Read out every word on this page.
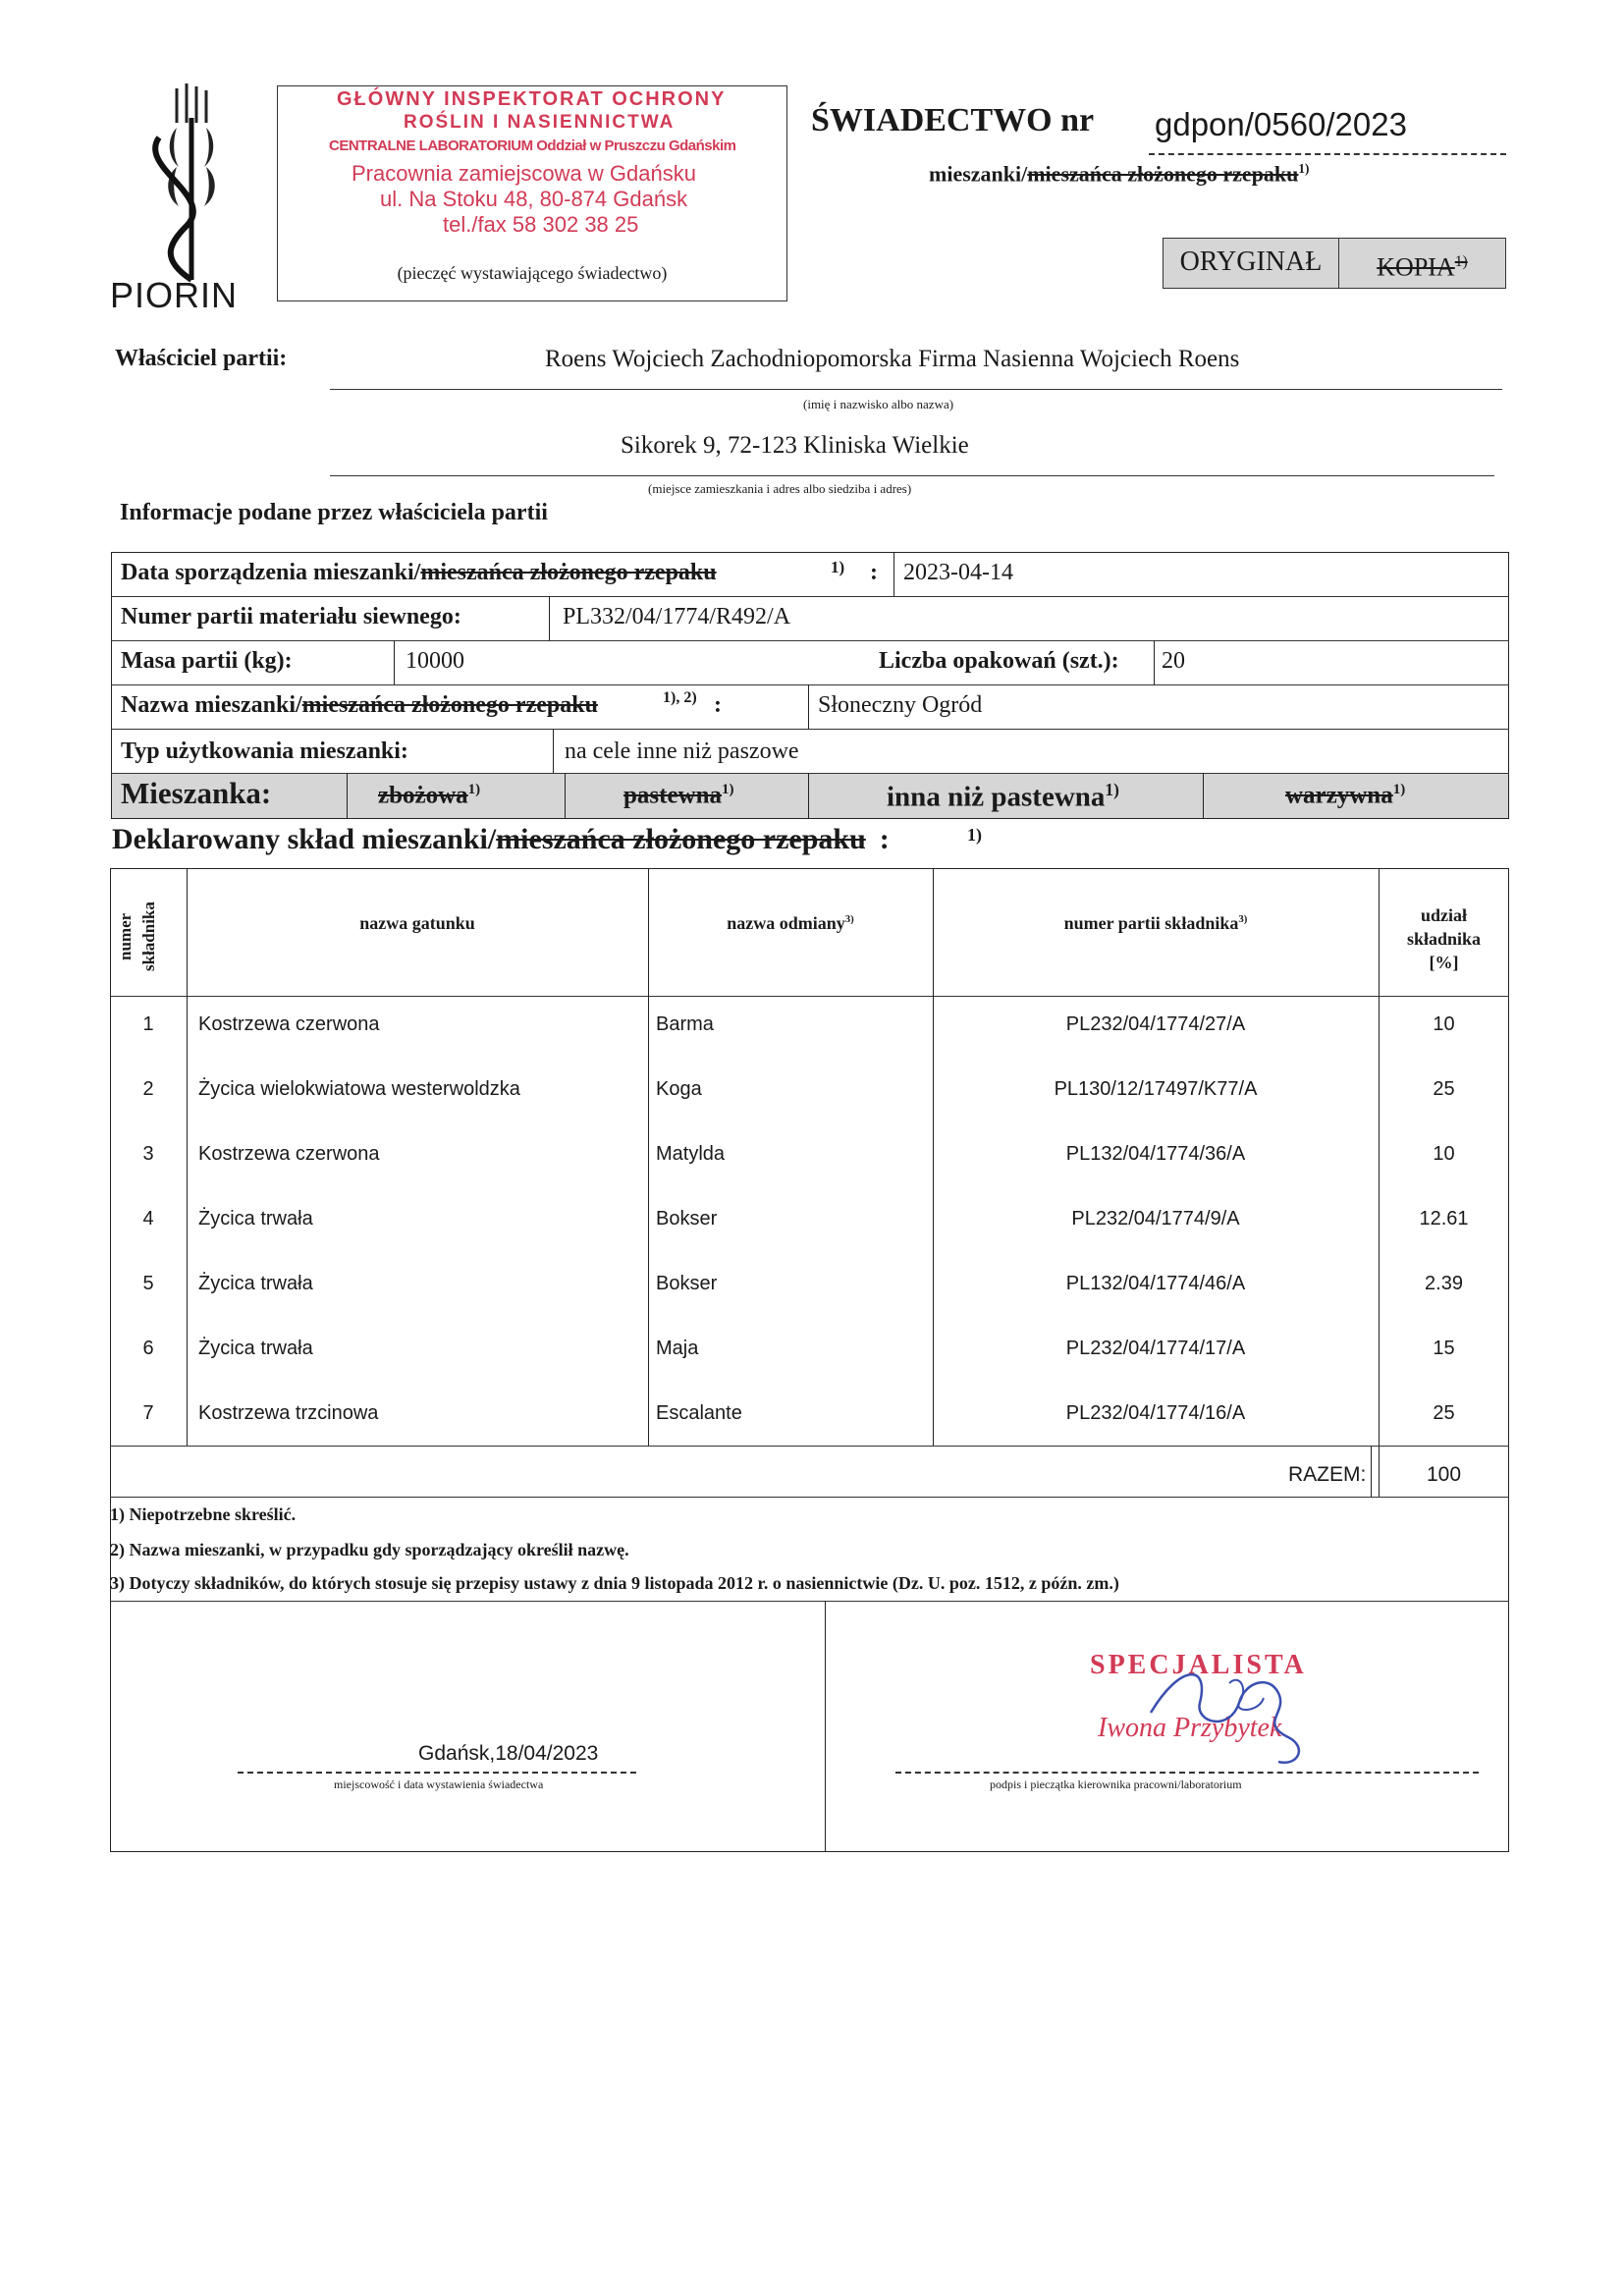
PIORIN
GŁÓWNY INSPEKTORAT OCHRONY
ROŚLIN I NASIENNICTWA
CENTRALNE LABORATORIUM Oddział w Pruszczu Gdańskim
Pracownia zamiejscowa w Gdańsku
ul. Na Stoku 48, 80-874 Gdańsk
tel./fax 58 302 38 25
(pieczęć wystawiającego świadectwo)
ŚWIADECTWO nr gdpon/0560/2023
mieszanki/mieszańca złożonego rzepaku$^{1)}$
ORYGINAŁ	KOPIA$^{1)}$
Właściciel partii:	Roens Wojciech Zachodniopomorska Firma Nasienna Wojciech Roens
(imię i nazwisko albo nazwa)
Sikorek 9, 72-123 Kliniska Wielkie
(miejsce zamieszkania i adres albo siedziba i adres)
Informacje podane przez właściciela partii
Data sporządzenia mieszanki/mieszańca złożonego rzepaku	1) : 2023-04-14
Numer partii materiału siewnego:	PL332/04/1774/R492/A
Masa partii (kg):	10000	Liczba opakowań (szt.): 20
Nazwa mieszanki/mieszańca złożonego rzepaku	1), 2) :	Słoneczny Ogród
Typ użytkowania mieszanki:	na cele inne niż paszowe
Mieszanka:	zbożowa$^{1)}$	pastewna$^{1)}$	inna niż pastewna$^{1)}$	warzywna$^{1)}$
Deklarowany skład mieszanki/mieszańca złożonego rzepaku :	1)
numer składnika	nazwa gatunku	nazwa odmiany$^{3)}$	numer partii składnika$^{3)}$	udział
składnika
[%]
1	Kostrzewa czerwona	Barma	PL232/04/1774/27/A	10
2	Życica wielokwiatowa westerwoldzka	Koga	PL130/12/17497/K77/A	25
3	Kostrzewa czerwona	Matylda	PL132/04/1774/36/A	10
4	Życica trwała	Bokser	PL232/04/1774/9/A	12.61
5	Życica trwała	Bokser	PL132/04/1774/46/A	2.39
6	Życica trwała	Maja	PL232/04/1774/17/A	15
7	Kostrzewa trzcinowa	Escalante	PL232/04/1774/16/A	25
RAZEM:	100
1) Niepotrzebne skreślić.
2) Nazwa mieszanki, w przypadku gdy sporządzający określił nazwę.
3) Dotyczy składników, do których stosuje się przepisy ustawy z dnia 9 listopada 2012 r. o nasiennictwie (Dz. U. poz. 1512, z późn. zm.)
Gdańsk,18/04/2023
miejscowość i data wystawienia świadectwa
SPECJALISTA
Iwona Przybytek
podpis i pieczątka kierownika pracowni/laboratorium
